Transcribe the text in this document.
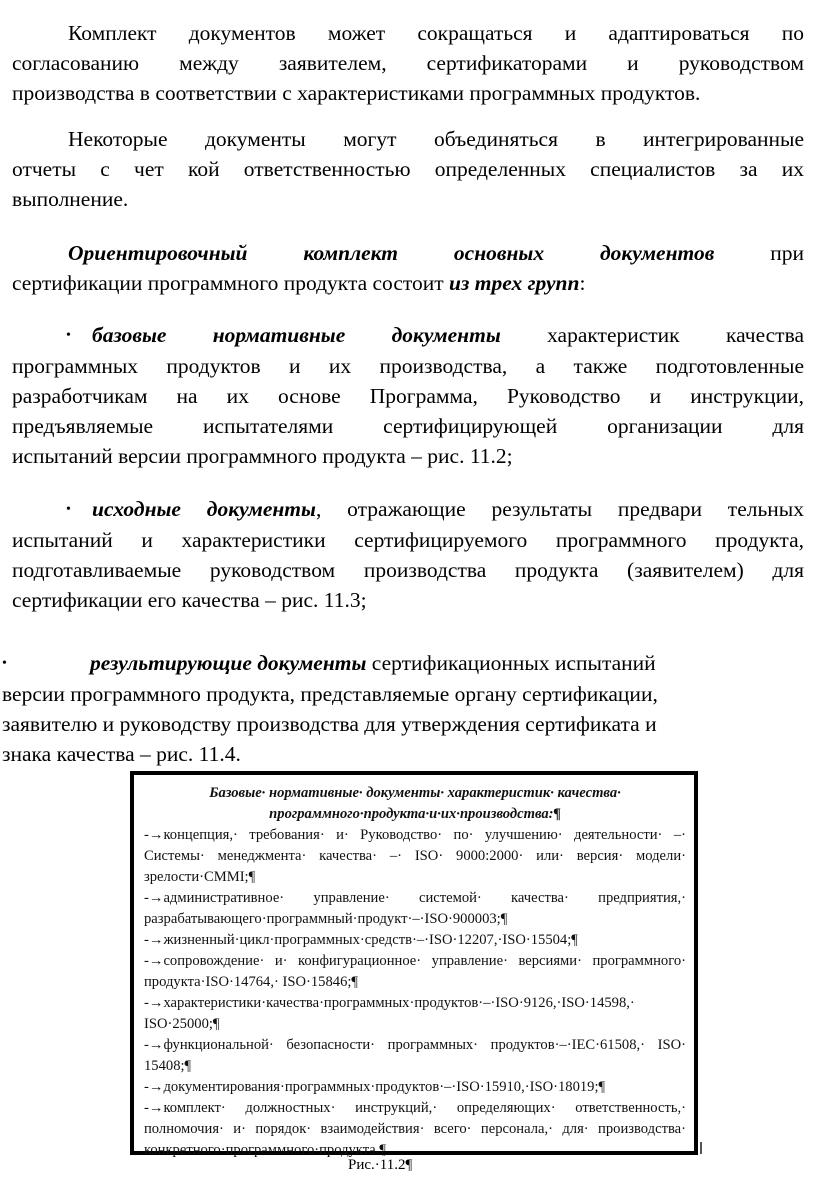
Комплект документов может сокращаться и адаптироваться по
согласованию между заявителем, сертификаторами и руководством
производства в соответствии с характеристиками программных продуктов.
Некоторые документы могут объединяться в интегрированные
отчеты с чет кой ответственностью определенных специалистов за их
выполнение.
Ориентировочный комплект основных документов	при
сертификации программного продукта состоит из трех групп:
• базовые нормативные документы характеристик качества
программных продуктов и их производства, а также подготовленные
разработчикам на их основе Программа, Руководство и инструкции,
предъявляемые испытателями сертифицирующей организации для
испытаний версии программного продукта – рис. 11.2;
• исходные документы, отражающие результаты предвари тельных
испытаний и характеристики сертифицируемого программного продукта,
подготавливаемые руководством производства продукта (заявителем) для
сертификации его качества – рис. 11.3;
•	результирующие документы сертификационных испытаний
версии программного продукта, представляемые органу сертификации,
заявителю и руководству производства для утверждения сертификата и
знака качества – рис. 11.4.
Базовые· нормативные· документы· характеристик· качества·
программного·продукта·и·их·производства:¶
-→концепция,· требования· и· Руководство· по· улучшению· деятельности· –·
Системы· менеджмента· качества· –· ISO· 9000:2000· или· версия· модели·
зрелости·CMMI;¶
-→административное· управление· системой· качества· предприятия,·
разрабатывающего·программный·продукт·–·ISO·900003;¶
-→жизненный·цикл·программных·средств·–·ISO·12207,·ISO·15504;¶
-→сопровождение· и· конфигурационное· управление· версиями· программного·
продукта·ISO·14764,· ISO·15846;¶
-→характеристики·качества·программных·продуктов·–·ISO·9126,·ISO·14598,·
ISO·25000;¶
-→функциональной· безопасности· программных· продуктов·–·IEC·61508,· ISO·
15408;¶
-→документирования·программных·продуктов·–·ISO·15910,·ISO·18019;¶
-→комплект· должностных· инструкций,· определяющих· ответственность,·
полномочия· и· порядок· взаимодействия· всего· персонала,· для· производства·
конкретного·программного·продукта.¶
Рис.·11.2¶
